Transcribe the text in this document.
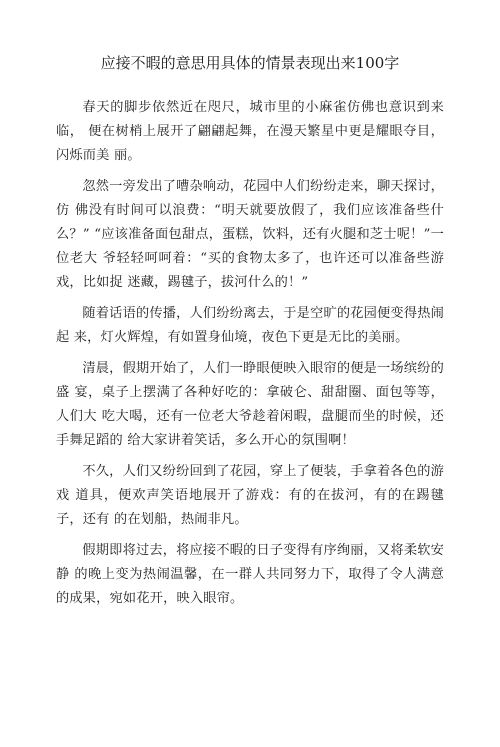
应接不暇的意思用具体的情景表现出来100字

春天的脚步依然近在咫尺，城市里的小麻雀仿佛也意识到来临， 便在树梢上展开了翩翩起舞，在漫天繁星中更是耀眼夺目，闪烁而美 丽。

忽然一旁发出了嘈杂响动，花园中人们纷纷走来，聊天探讨，仿 佛没有时间可以浪费：“明天就要放假了，我们应该准备些什么？” “应该准备面包甜点，蛋糕，饮料，还有火腿和芝士呢！”一位老大 爷轻轻呵呵着：“买的食物太多了，也许还可以准备些游戏，比如捉 迷藏，踢毽子，拔河什么的！”

随着话语的传播，人们纷纷离去，于是空旷的花园便变得热闹起 来，灯火辉煌，有如置身仙境，夜色下更是无比的美丽。

清晨，假期开始了，人们一睁眼便映入眼帘的便是一场缤纷的盛 宴，桌子上摆满了各种好吃的：拿破仑、甜甜圈、面包等等，人们大 吃大喝，还有一位老大爷趁着闲暇，盘腿而坐的时候，还手舞足蹈的 给大家讲着笑话，多么开心的氛围啊！

不久，人们又纷纷回到了花园，穿上了便装，手拿着各色的游戏 道具，便欢声笑语地展开了游戏：有的在拔河，有的在踢毽子，还有 的在划船，热闹非凡。

假期即将过去，将应接不暇的日子变得有序绚丽，又将柔软安静 的晚上变为热闹温馨，在一群人共同努力下，取得了令人满意的成果，宛如花开，映入眼帘。
